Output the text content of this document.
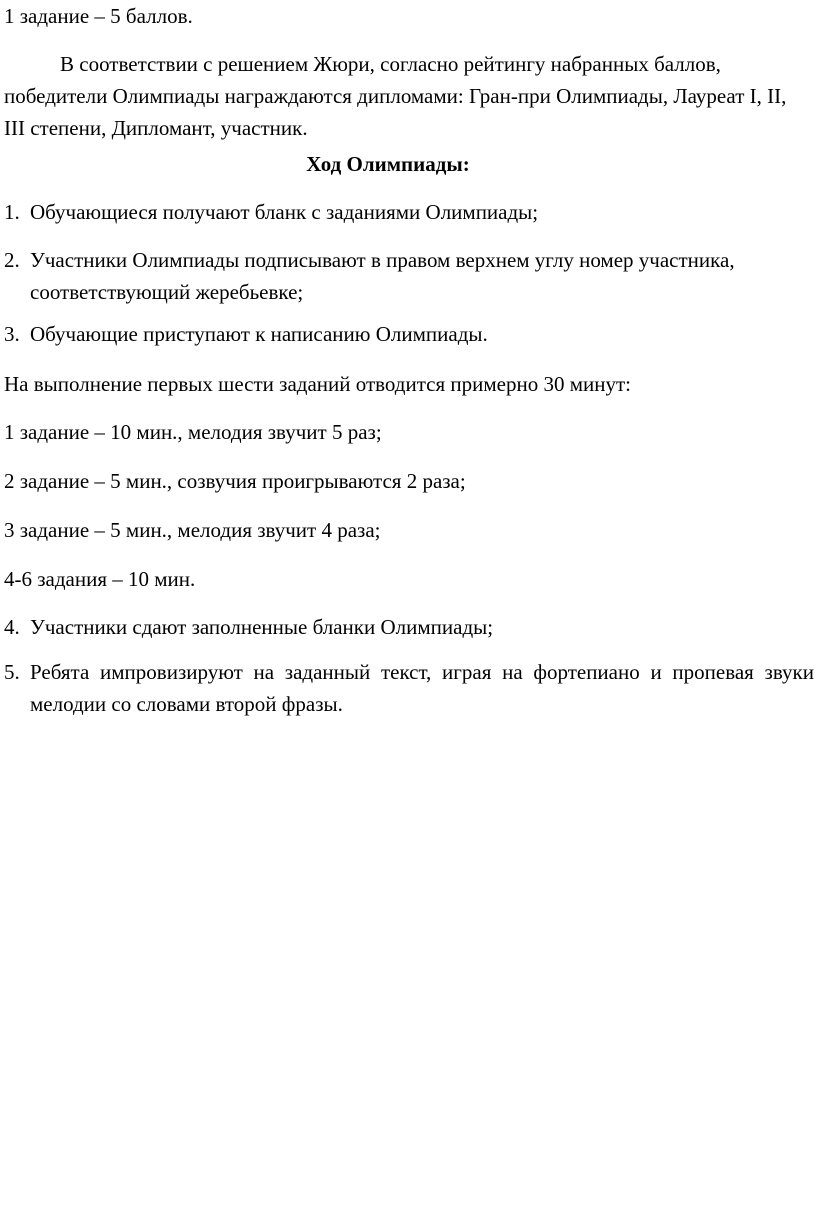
1 задание – 5 баллов.
В соответствии с решением Жюри, согласно рейтингу набранных баллов, победители Олимпиады награждаются дипломами: Гран-при Олимпиады, Лауреат I, II, III степени, Дипломант, участник.
Ход Олимпиады:
1. Обучающиеся получают бланк с заданиями Олимпиады;
2. Участники Олимпиады подписывают в правом верхнем углу номер участника, соответствующий жеребьевке;
3. Обучающие приступают к написанию Олимпиады.
На выполнение первых шести заданий отводится примерно 30 минут:
1 задание – 10 мин., мелодия звучит 5 раз;
2 задание – 5 мин., созвучия проигрываются 2 раза;
3 задание – 5 мин., мелодия звучит 4 раза;
4-6 задания – 10 мин.
4. Участники сдают заполненные бланки Олимпиады;
5. Ребята импровизируют на заданный текст, играя на фортепиано и пропевая звуки мелодии со словами второй фразы.
